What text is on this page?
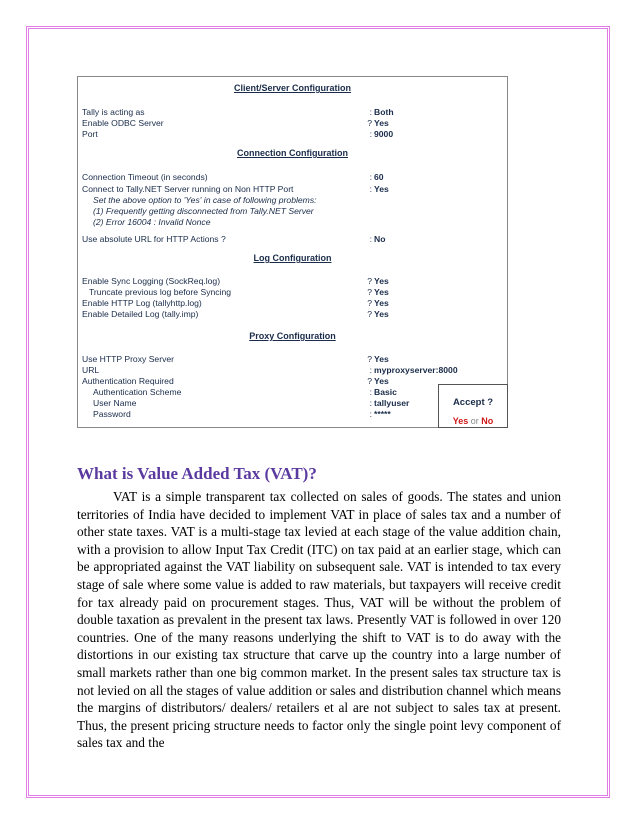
Client/Server Configuration
Tally is acting as	: Both
Enable ODBC Server	? Yes
Port	: 9000
Connection Configuration
Connection Timeout (in seconds)	: 60
Connect to Tally.NET Server running on Non HTTP Port	: Yes
Set the above option to 'Yes' in case of following problems:
(1) Frequently getting disconnected from Tally.NET Server
(2) Error 16004 : Invalid Nonce
Use absolute URL for HTTP Actions ?	: No
Log Configuration
Enable Sync Logging (SockReq.log)	? Yes
Truncate previous log before Syncing	? Yes
Enable HTTP Log (tallyhttp.log)	? Yes
Enable Detailed Log (tally.imp)	? Yes
Proxy Configuration
Use HTTP Proxy Server	? Yes
URL	: myproxyserver:8000
Authentication Required	? Yes
Authentication Scheme	: Basic
User Name	: tallyuser
Password	: *****
Accept ?
Yes or No
What is Value Added Tax (VAT)?
VAT is a simple transparent tax collected on sales of goods. The states and union territories of India have decided to implement VAT in place of sales tax and a number of other state taxes. VAT is a multi-stage tax levied at each stage of the value addition chain, with a provision to allow Input Tax Credit (ITC) on tax paid at an earlier stage, which can be appropriated against the VAT liability on subsequent sale. VAT is intended to tax every stage of sale where some value is added to raw materials, but taxpayers will receive credit for tax already paid on procurement stages. Thus, VAT will be without the problem of double taxation as prevalent in the present tax laws. Presently VAT is followed in over 120 countries. One of the many reasons underlying the shift to VAT is to do away with the distortions in our existing tax structure that carve up the country into a large number of small markets rather than one big common market. In the present sales tax structure tax is not levied on all the stages of value addition or sales and distribution channel which means the margins of distributors/ dealers/ retailers et al are not subject to sales tax at present. Thus, the present pricing structure needs to factor only the single point levy component of sales tax and the
